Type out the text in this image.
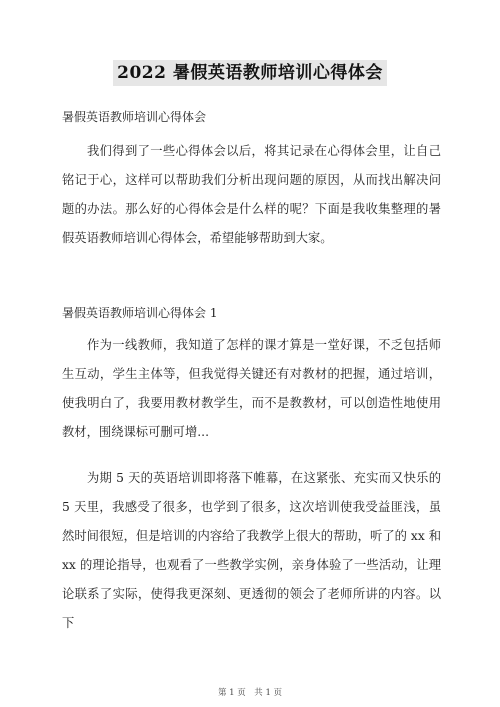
2022 暑假英语教师培训心得体会
暑假英语教师培训心得体会
我们得到了一些心得体会以后，将其记录在心得体会里，让自己铭记于心，这样可以帮助我们分析出现问题的原因，从而找出解决问题的办法。那么好的心得体会是什么样的呢？下面是我收集整理的暑假英语教师培训心得体会，希望能够帮助到大家。
暑假英语教师培训心得体会 1
作为一线教师，我知道了怎样的课才算是一堂好课，不乏包括师生互动，学生主体等，但我觉得关键还有对教材的把握，通过培训，使我明白了，我要用教材教学生，而不是教教材，可以创造性地使用教材，围绕课标可删可增...
为期 5 天的英语培训即将落下帷幕，在这紧张、充实而又快乐的 5 天里，我感受了很多，也学到了很多，这次培训使我受益匪浅，虽然时间很短，但是培训的内容给了我教学上很大的帮助，听了的 xx 和 xx 的理论指导，也观看了一些教学实例，亲身体验了一些活动，让理论联系了实际，使得我更深刻、更透彻的领会了老师所讲的内容。以下
第 1 页　共 1 页
